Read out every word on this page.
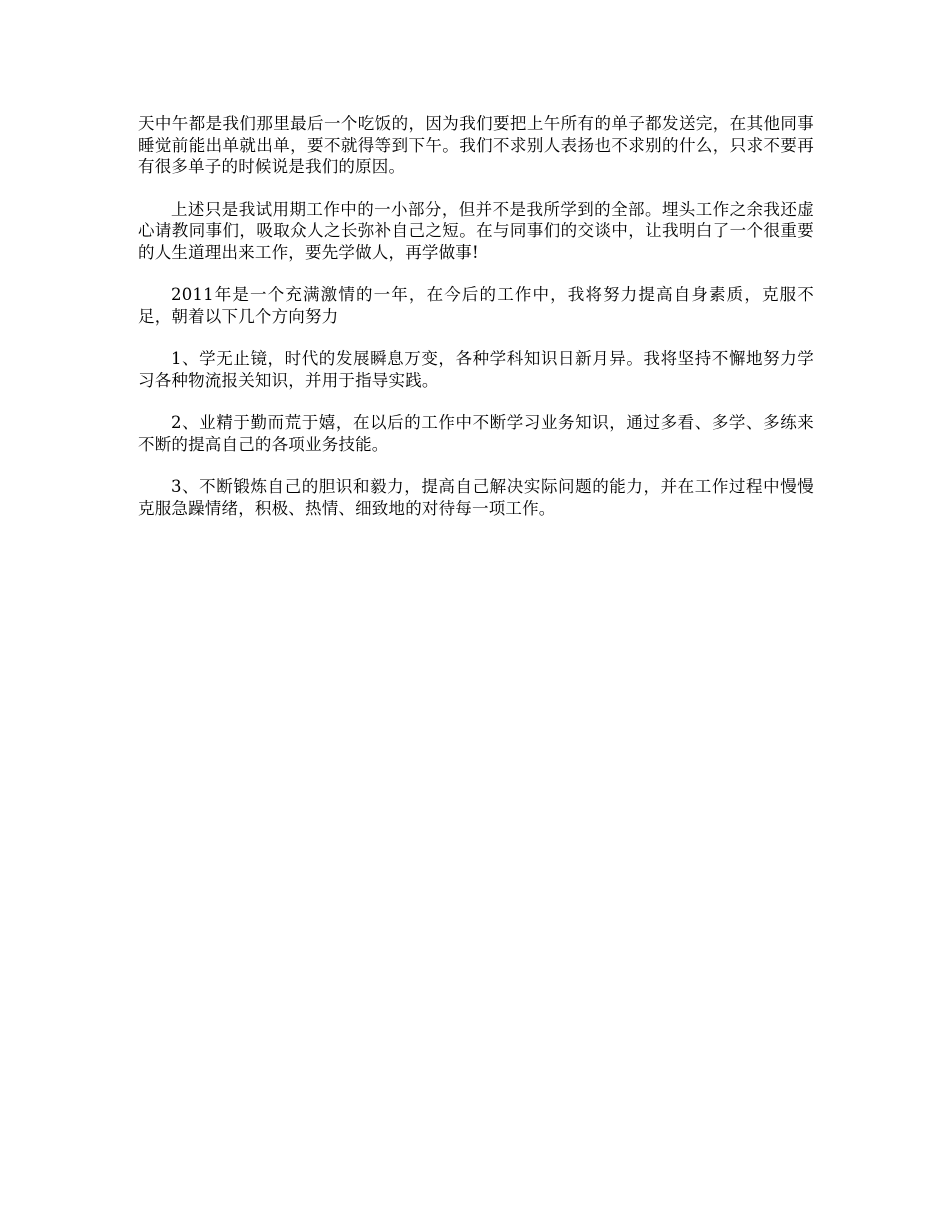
天中午都是我们那里最后一个吃饭的，因为我们要把上午所有的单子都发送完，在其他同事睡觉前能出单就出单，要不就得等到下午。我们不求别人表扬也不求别的什么，只求不要再有很多单子的时候说是我们的原因。

上述只是我试用期工作中的一小部分，但并不是我所学到的全部。埋头工作之余我还虚心请教同事们，吸取众人之长弥补自己之短。在与同事们的交谈中，让我明白了一个很重要的人生道理出来工作，要先学做人，再学做事!

2011年是一个充满激情的一年，在今后的工作中，我将努力提高自身素质，克服不足，朝着以下几个方向努力

1、学无止镜，时代的发展瞬息万变，各种学科知识日新月异。我将坚持不懈地努力学习各种物流报关知识，并用于指导实践。

2、业精于勤而荒于嬉，在以后的工作中不断学习业务知识，通过多看、多学、多练来不断的提高自己的各项业务技能。

3、不断锻炼自己的胆识和毅力，提高自己解决实际问题的能力，并在工作过程中慢慢克服急躁情绪，积极、热情、细致地的对待每一项工作。
